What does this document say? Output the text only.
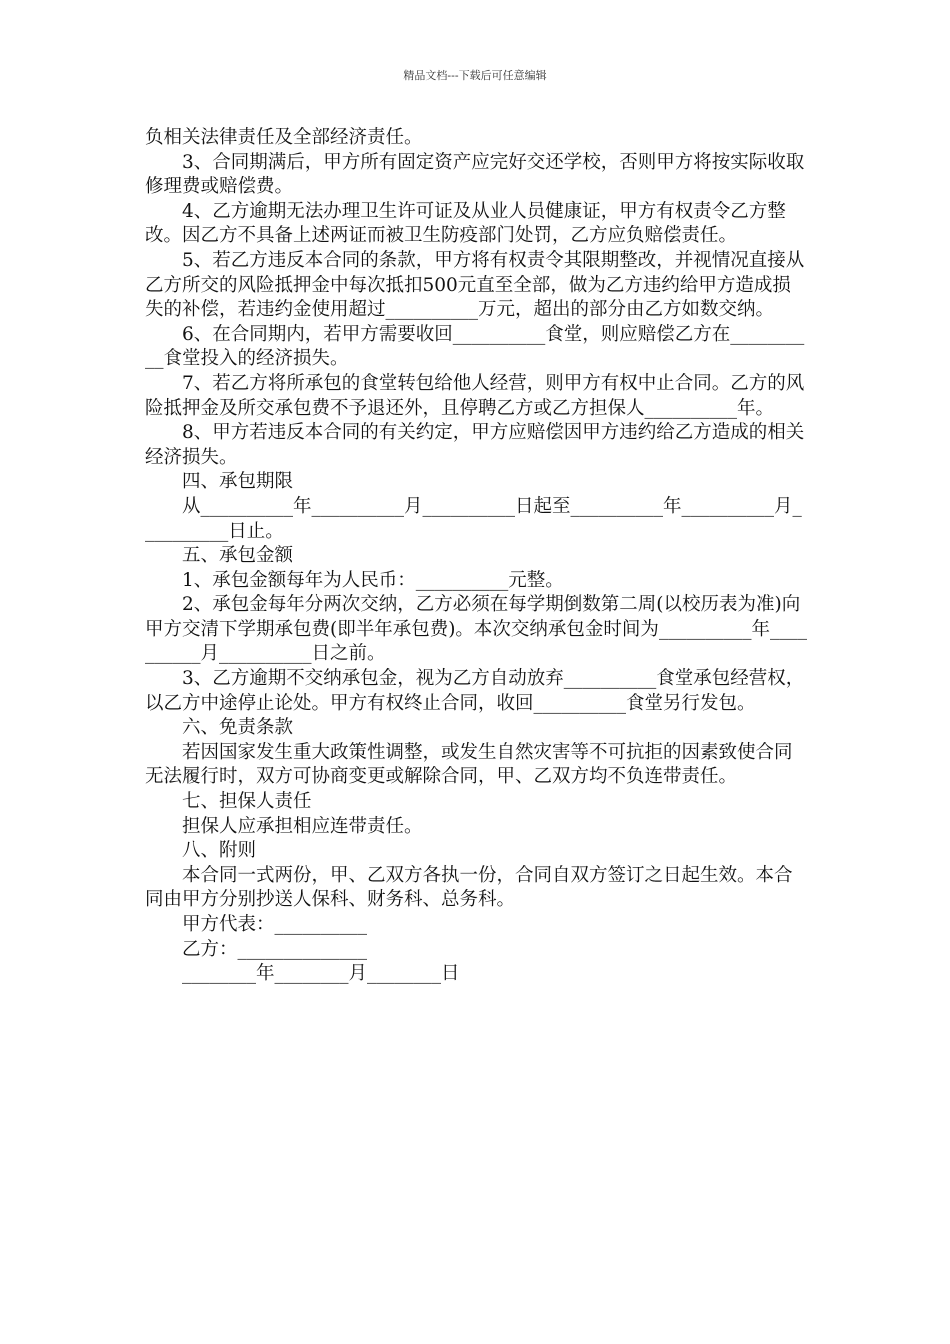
精品文档---下载后可任意编辑

负相关法律责任及全部经济责任。

3、合同期满后，甲方所有固定资产应完好交还学校，否则甲方将按实际收取修理费或赔偿费。

4、乙方逾期无法办理卫生许可证及从业人员健康证，甲方有权责令乙方整改。因乙方不具备上述两证而被卫生防疫部门处罚，乙方应负赔偿责任。

5、若乙方违反本合同的条款，甲方将有权责令其限期整改，并视情况直接从乙方所交的风险抵押金中每次抵扣500元直至全部，做为乙方违约给甲方造成损失的补偿，若违约金使用超过__________万元，超出的部分由乙方如数交纳。

6、在合同期内，若甲方需要收回__________食堂，则应赔偿乙方在__________食堂投入的经济损失。

7、若乙方将所承包的食堂转包给他人经营，则甲方有权中止合同。乙方的风险抵押金及所交承包费不予退还外，且停聘乙方或乙方担保人__________年。

8、甲方若违反本合同的有关约定，甲方应赔偿因甲方违约给乙方造成的相关经济损失。

四、承包期限

从__________年__________月__________日起至__________年__________月__________日止。

五、承包金额

1、承包金额每年为人民币：__________元整。

2、承包金每年分两次交纳，乙方必须在每学期倒数第二周(以校历表为准)向甲方交清下学期承包费(即半年承包费)。本次交纳承包金时间为__________年__________月__________日之前。

3、乙方逾期不交纳承包金，视为乙方自动放弃__________食堂承包经营权，以乙方中途停止论处。甲方有权终止合同，收回__________食堂另行发包。

六、免责条款

若因国家发生重大政策性调整，或发生自然灾害等不可抗拒的因素致使合同无法履行时，双方可协商变更或解除合同，甲、乙双方均不负连带责任。

七、担保人责任

担保人应承担相应连带责任。

八、附则

本合同一式两份，甲、乙双方各执一份，合同自双方签订之日起生效。本合同由甲方分别抄送人保科、财务科、总务科。

甲方代表：__________

乙方：______________

________年________月________日
